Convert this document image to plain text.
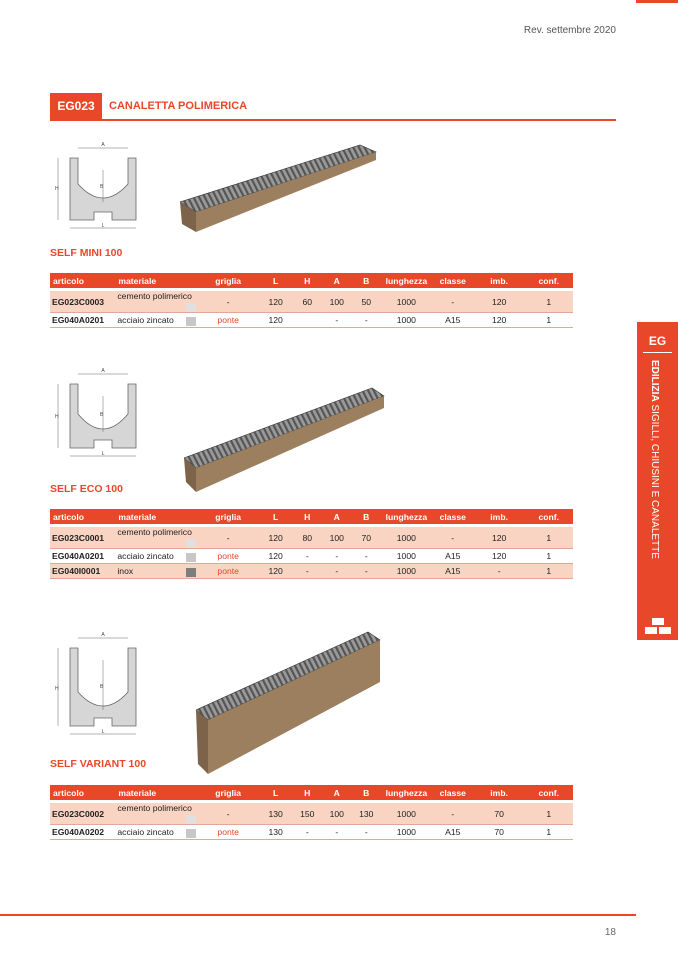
Rev. settembre 2020
EG023	CANALETTA POLIMERICA
A
H	B
L
SELF MINI 100
articolo	materiale	griglia	L	H	A	B	lunghezza	classe	imb.	conf.

EG023C0003	cemento polimerico	-	120	60	100	50	1000	-	120	1
EG040A0201	acciaio zincato	ponte	120		-	-	1000	A15	120	1
A
H	B
L
SELF ECO 100
articolo	materiale	griglia	L	H	A	B	lunghezza	classe	imb.	conf.

EG023C0001	cemento polimerico	-	120	80	100	70	1000	-	120	1
EG040A0201	acciaio zincato	ponte	120	-	-	-	1000	A15	120	1
EG040I0001	inox	ponte	120	-	-	-	1000	A15	-	1
A
H	B
L
SELF VARIANT 100
articolo	materiale	griglia	L	H	A	B	lunghezza	classe	imb.	conf.

EG023C0002	cemento polimerico	-	130	150	100	130	1000	-	70	1
EG040A0202	acciaio zincato	ponte	130	-	-	-	1000	A15	70	1
EG
EDILIZIA SIGILLI, CHIUSINI E CANALETTE
18
